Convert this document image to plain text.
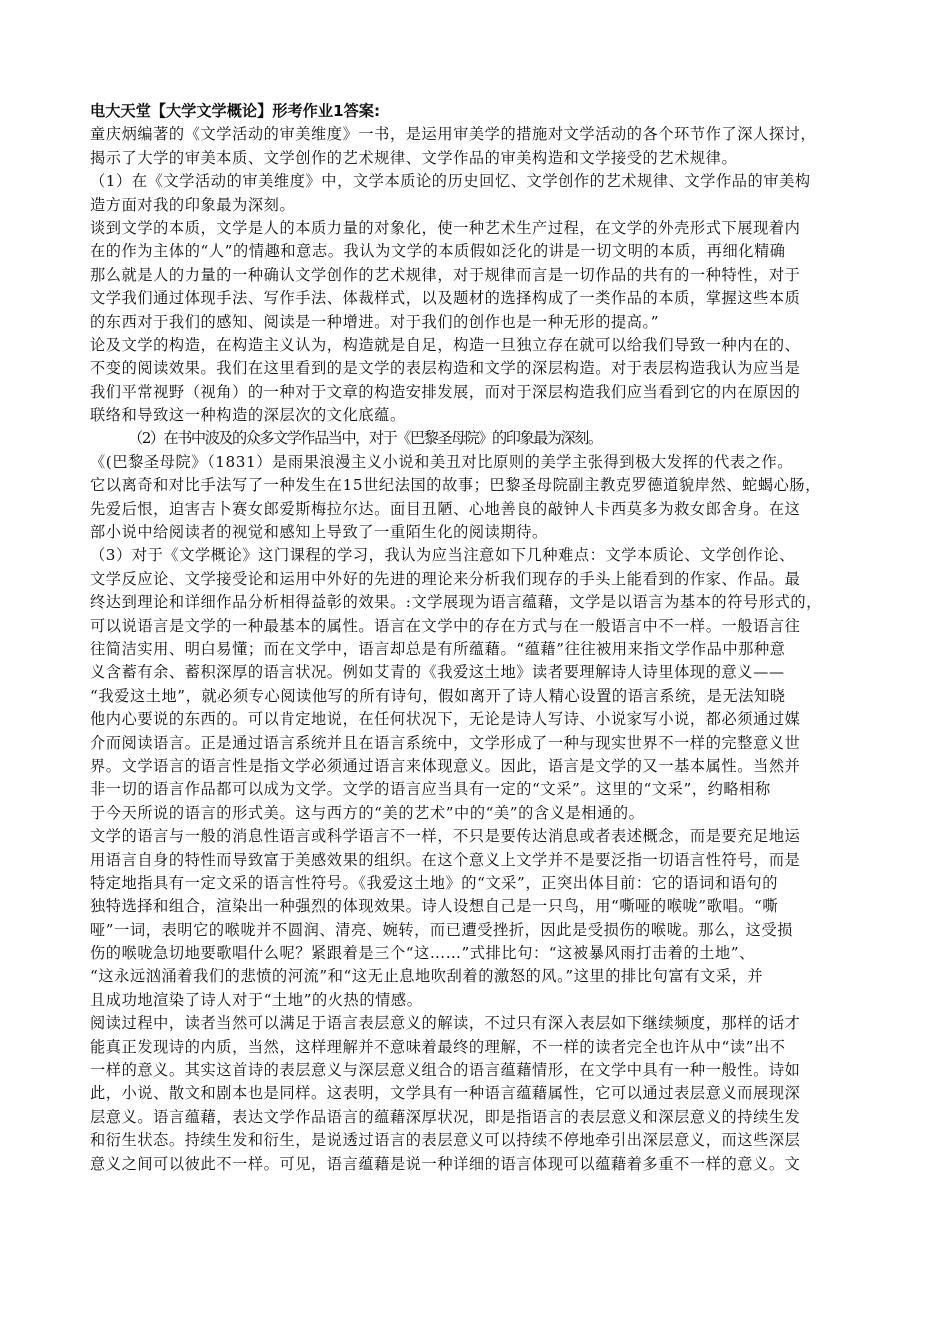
电大天堂【大学文学概论】形考作业1答案:
童庆炳编著的《文学活动的审美维度》一书，是运用审美学的措施对文学活动的各个环节作了深人探讨，
揭示了大学的审美本质、文学创作的艺术规律、文学作品的审美构造和文学接受的艺术规律。
（1）在《文学活动的审美维度》中，文学本质论的历史回忆、文学创作的艺术规律、文学作品的审美构
造方面对我的印象最为深刻。
谈到文学的本质，文学是人的本质力量的对象化，使一种艺术生产过程，在文学的外壳形式下展现着内
在的作为主体的“人”的情趣和意志。我认为文学的本质假如泛化的讲是一切文明的本质，再细化精确
那么就是人的力量的一种确认文学创作的艺术规律，对于规律而言是一切作品的共有的一种特性，对于
文学我们通过体现手法、写作手法、体裁样式，以及题材的选择构成了一类作品的本质，掌握这些本质
的东西对于我们的感知、阅读是一种增进。对于我们的创作也是一种无形的提高。”
论及文学的构造，在构造主义认为，构造就是自足，构造一旦独立存在就可以给我们导致一种内在的、
不变的阅读效果。我们在这里看到的是文学的表层构造和文学的深层构造。对于表层构造我认为应当是
我们平常视野（视角）的一种对于文章的构造安排发展，而对于深层构造我们应当看到它的内在原因的
联络和导致这一种构造的深层次的文化底蕴。
（2）在书中波及的众多文学作品当中，对于《巴黎圣母院》的印象最为深刻。
《(巴黎圣母院》（1831）是雨果浪漫主义小说和美丑对比原则的美学主张得到极大发挥的代表之作。
它以离奇和对比手法写了一种发生在15世纪法国的故事；巴黎圣母院副主教克罗德道貌岸然、蛇蝎心肠，
先爱后恨，迫害吉卜赛女郎爱斯梅拉尔达。面目丑陋、心地善良的敲钟人卡西莫多为救女郎舍身。在这
部小说中给阅读者的视觉和感知上导致了一重陌生化的阅读期待。
（3）对于《文学概论》这门课程的学习，我认为应当注意如下几种难点：文学本质论、文学创作论、
文学反应论、文学接受论和运用中外好的先进的理论来分析我们现存的手头上能看到的作家、作品。最
终达到理论和详细作品分析相得益彰的效果。:文学展现为语言蕴藉，文学是以语言为基本的符号形式的，
可以说语言是文学的一种最基本的属性。语言在文学中的存在方式与在一般语言中不一样。一般语言往
往简洁实用、明白易懂；而在文学中，语言却总是有所蕴藉。“蕴藉”往往被用来指文学作品中那种意
义含蓄有余、蓄积深厚的语言状况。例如艾青的《我爱这土地》读者要理解诗人诗里体现的意义——
“我爱这土地”，就必须专心阅读他写的所有诗句，假如离开了诗人精心设置的语言系统，是无法知晓
他内心要说的东西的。可以肯定地说，在任何状况下，无论是诗人写诗、小说家写小说，都必须通过媒
介而阅读语言。正是通过语言系统并且在语言系统中，文学形成了一种与现实世界不一样的完整意义世
界。文学语言的语言性是指文学必须通过语言来体现意义。因此，语言是文学的又一基本属性。当然并
非一切的语言作品都可以成为文学。文学的语言应当具有一定的“文采”。这里的“文采”，约略相称
于今天所说的语言的形式美。这与西方的“美的艺术”中的“美”的含义是相通的。
文学的语言与一般的消息性语言或科学语言不一样，不只是要传达消息或者表述概念，而是要充足地运
用语言自身的特性而导致富于美感效果的组织。在这个意义上文学并不是要泛指一切语言性符号，而是
特定地指具有一定文采的语言性符号。《我爱这土地》的“文采”，正突出体目前：它的语词和语句的
独特选择和组合，渲染出一种强烈的体现效果。诗人设想自己是一只鸟，用“嘶哑的喉咙”歌唱。“嘶
哑”一词，表明它的喉咙并不圆润、清亮、婉转，而已遭受挫折，因此是受损伤的喉咙。那么，这受损
伤的喉咙急切地要歌唱什么呢？紧跟着是三个“这……”式排比句：“这被暴风雨打击着的土地”、
“这永远汹涌着我们的悲愤的河流”和“这无止息地吹刮着的激怒的风。”这里的排比句富有文采，并
且成功地渲染了诗人对于“土地”的火热的情感。
阅读过程中，读者当然可以满足于语言表层意义的解读，不过只有深入表层如下继续频度，那样的话才
能真正发现诗的内质，当然，这样理解并不意味着最终的理解，不一样的读者完全也许从中“读”出不
一样的意义。其实这首诗的表层意义与深层意义组合的语言蕴藉情形，在文学中具有一种一般性。诗如
此，小说、散文和剧本也是同样。这表明，文学具有一种语言蕴藉属性，它可以通过表层意义而展现深
层意义。语言蕴藉，表达文学作品语言的蕴藉深厚状况，即是指语言的表层意义和深层意义的持续生发
和衍生状态。持续生发和衍生，是说透过语言的表层意义可以持续不停地牵引出深层意义，而这些深层
意义之间可以彼此不一样。可见，语言蕴藉是说一种详细的语言体现可以蕴藉着多重不一样的意义。文
